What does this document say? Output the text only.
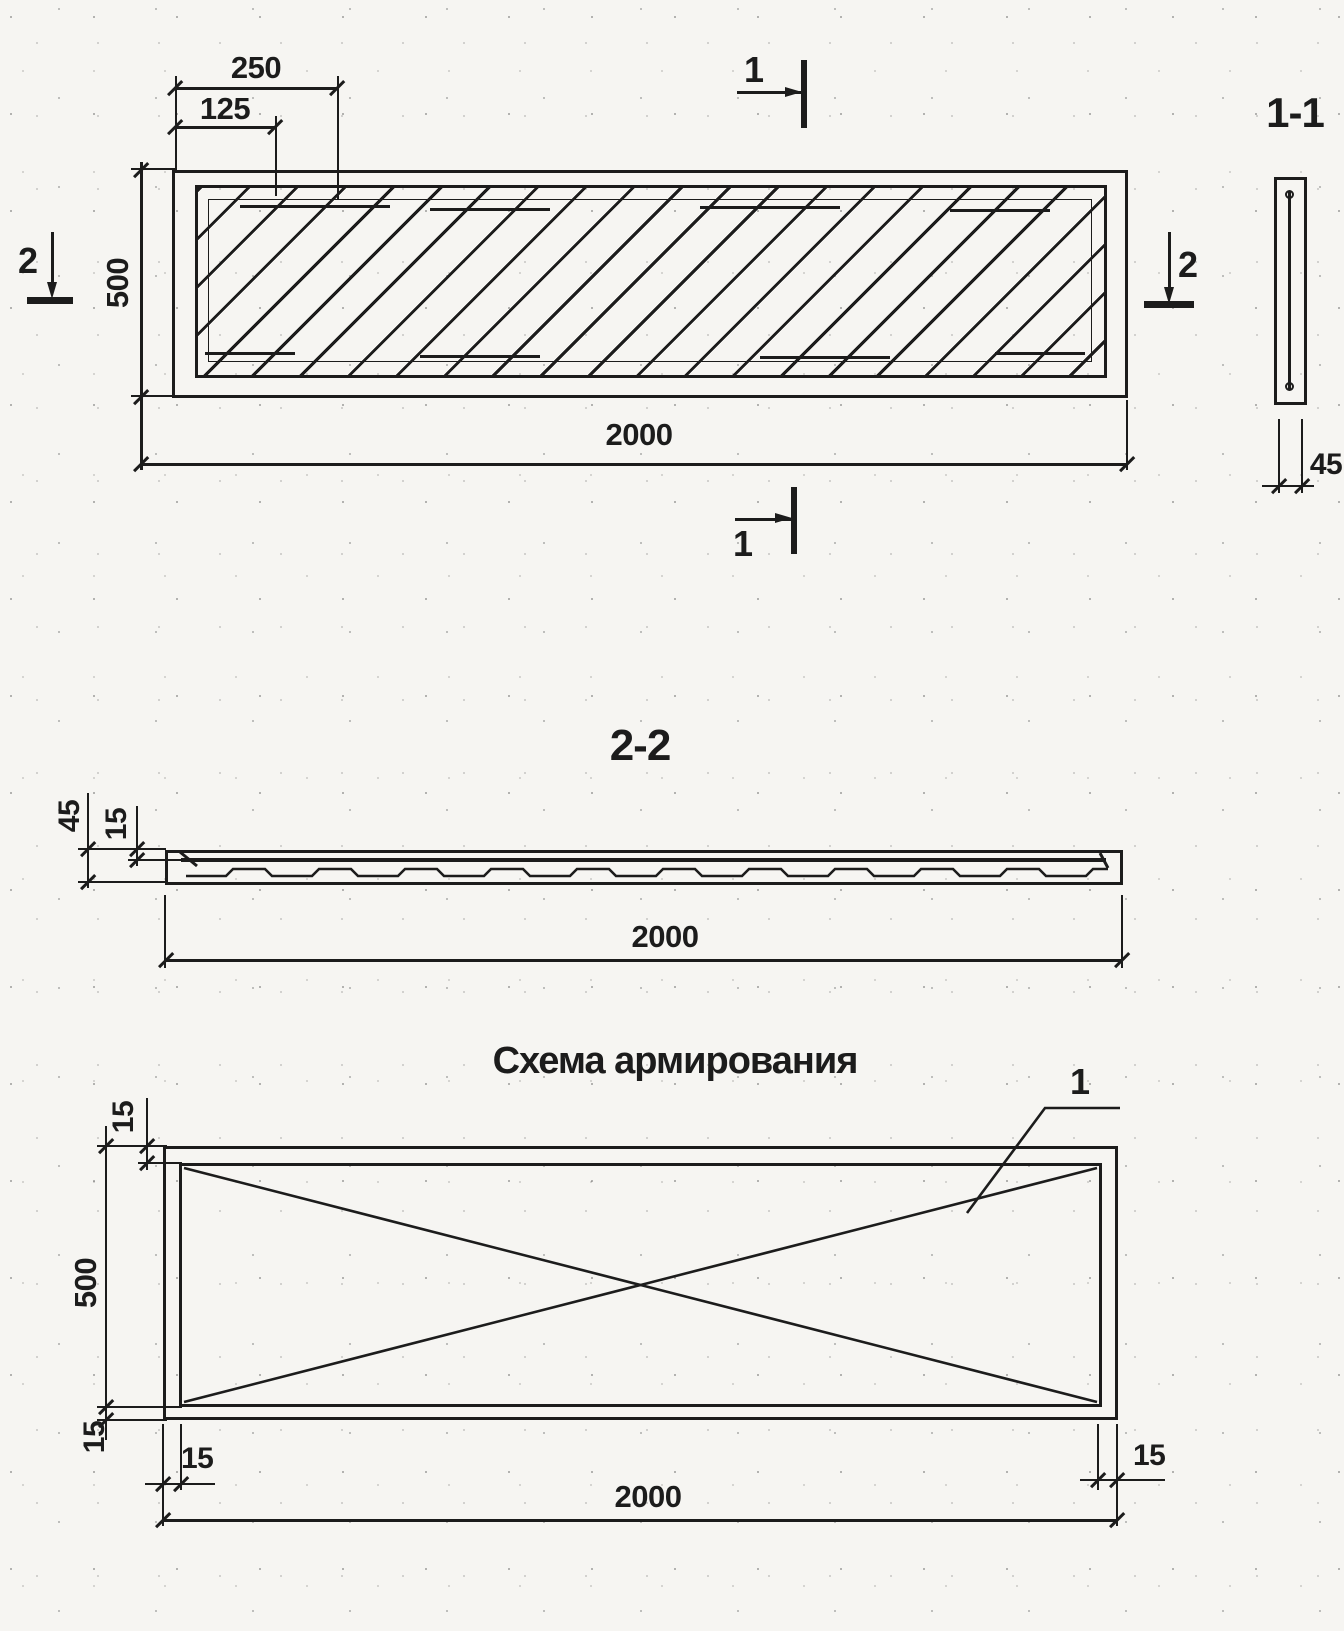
250
125
500
2000
1
1
2	2
1-1
45
2-2
45 15
2000
Схема армирования	1
15
500
15
15	15
2000
